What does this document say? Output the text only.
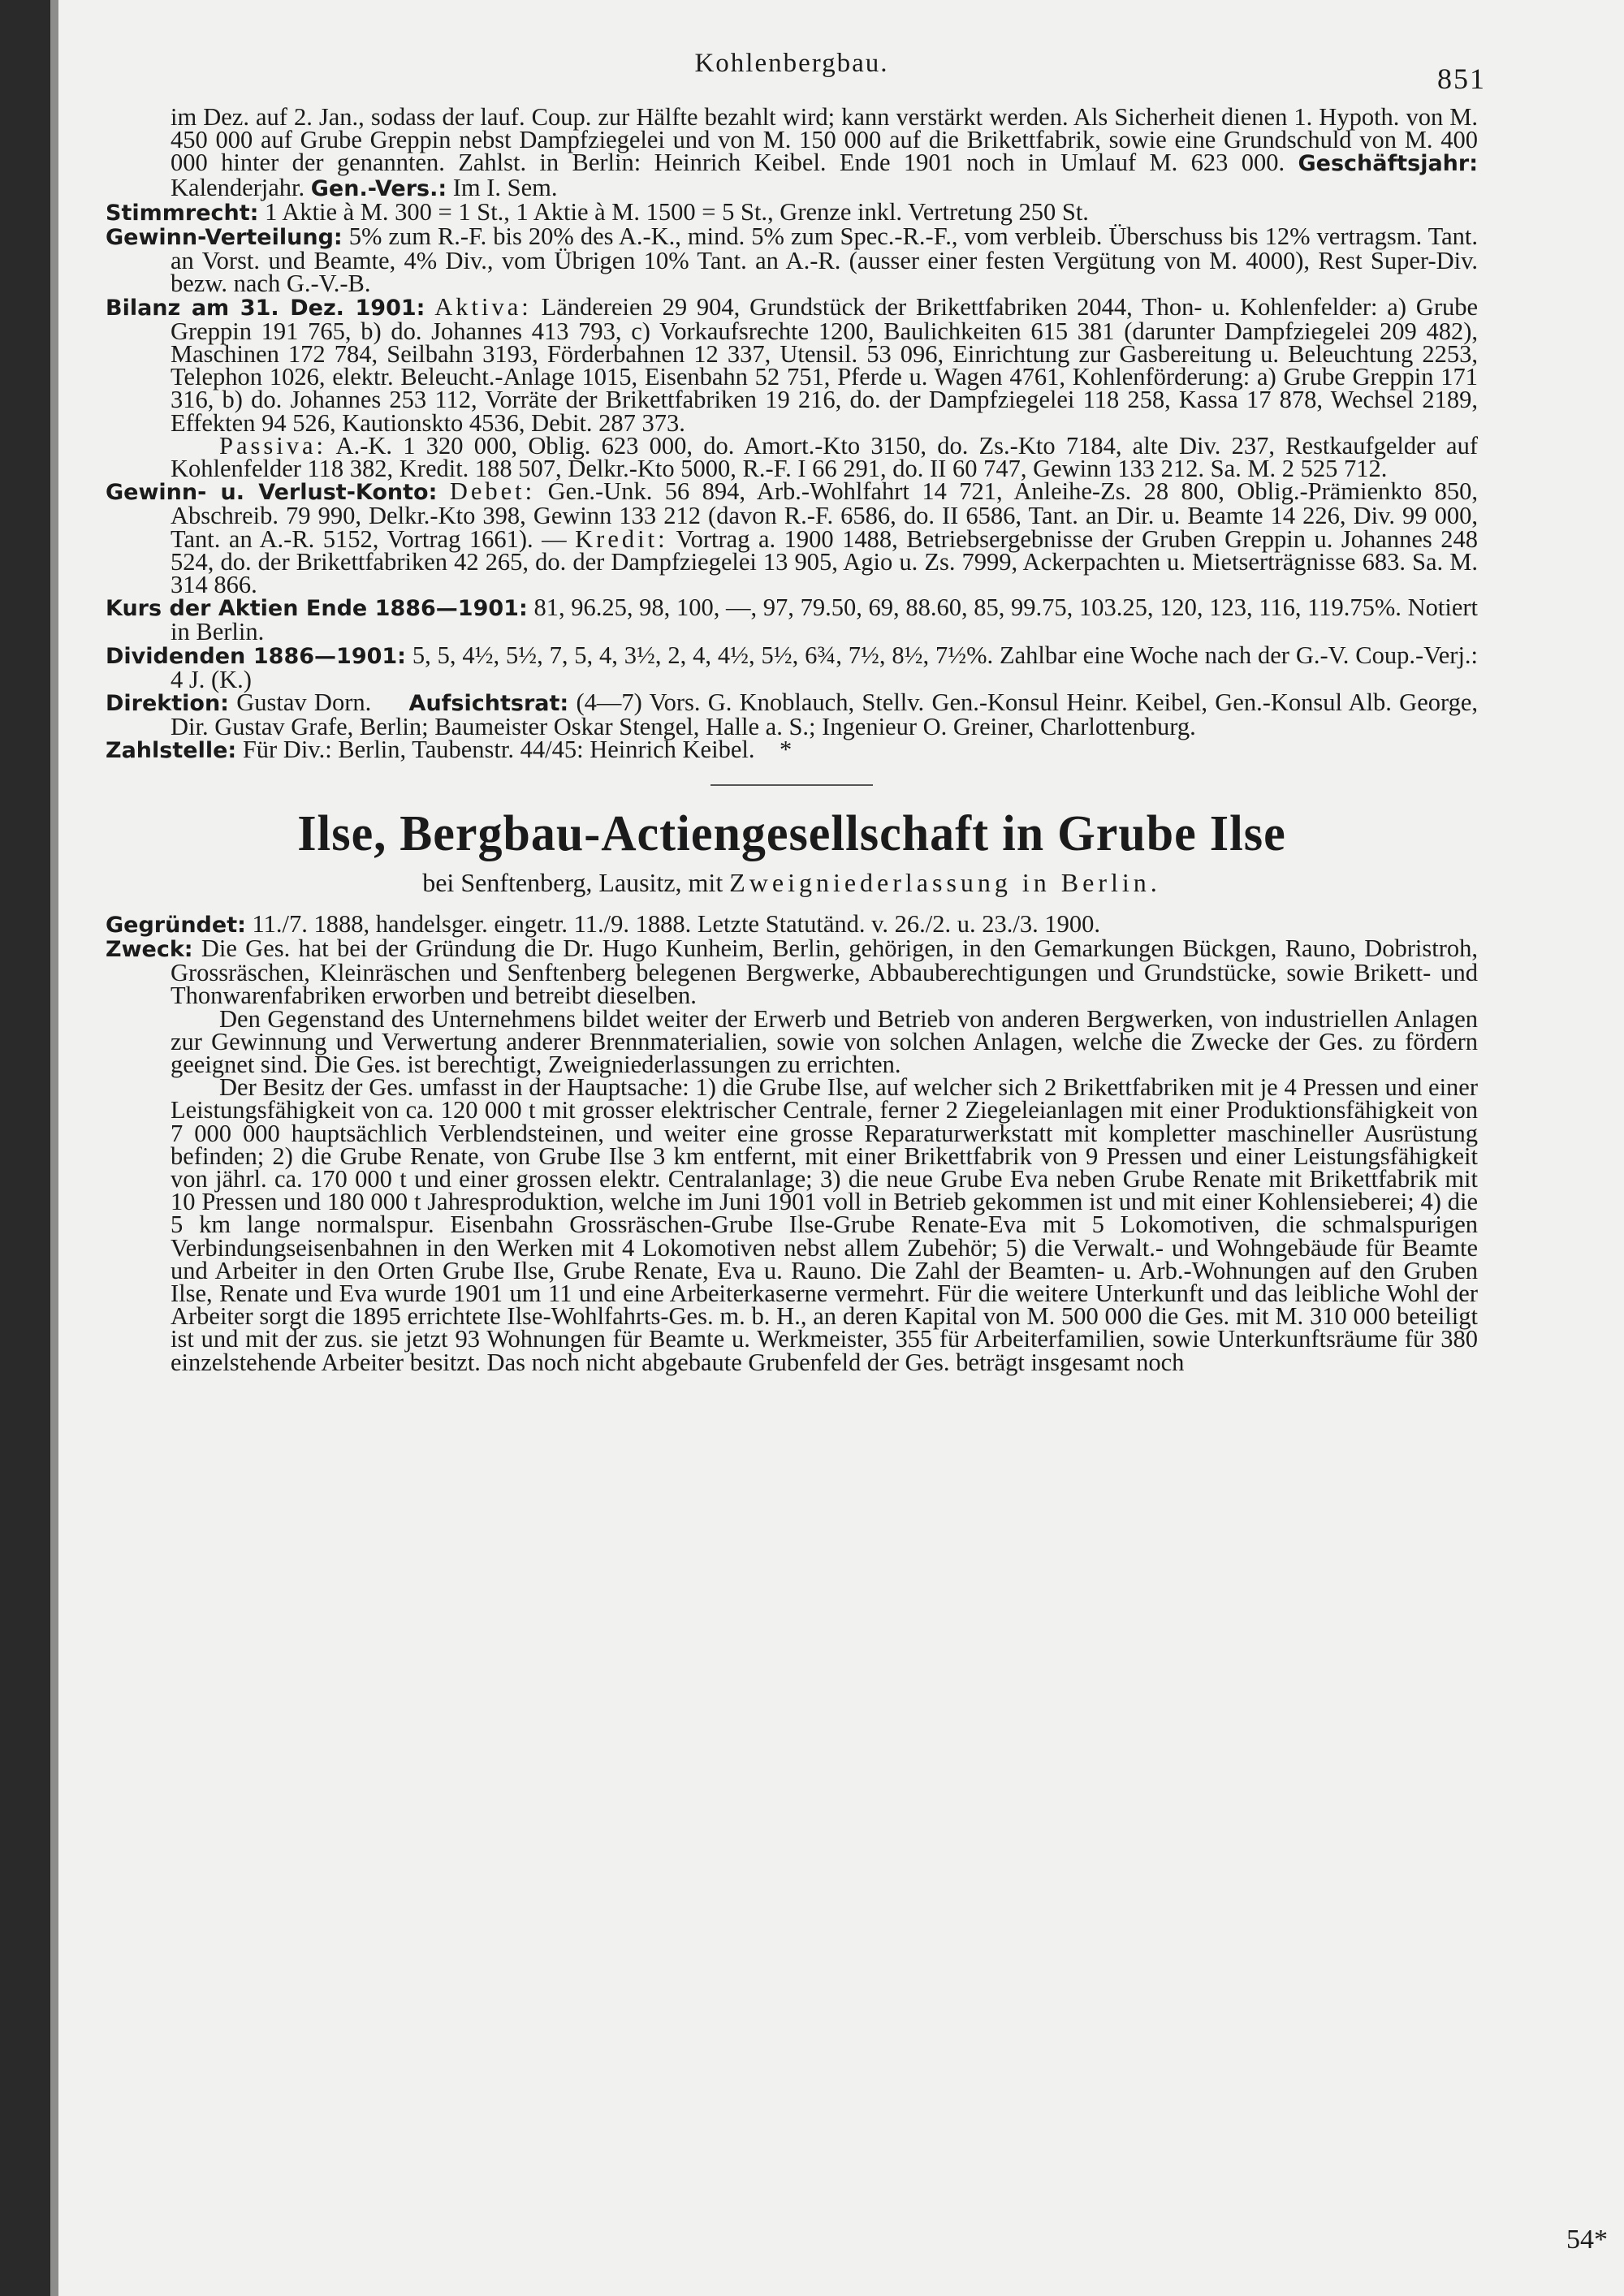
Kohlenbergbau.	851

im Dez. auf 2. Jan., sodass der lauf. Coup. zur Hälfte bezahlt wird; kann verstärkt werden. Als Sicherheit dienen 1. Hypoth. von M. 450 000 auf Grube Greppin nebst Dampfziegelei und von M. 150 000 auf die Brikettfabrik, sowie eine Grundschuld von M. 400 000 hinter der genannten. Zahlst. in Berlin: Heinrich Keibel. Ende 1901 noch in Umlauf M. 623 000. Geschäftsjahr: Kalenderjahr. Gen.-Vers.: Im I. Sem.

Stimmrecht: 1 Aktie à M. 300 = 1 St., 1 Aktie à M. 1500 = 5 St., Grenze inkl. Vertretung 250 St.

Gewinn-Verteilung: 5% zum R.-F. bis 20% des A.-K., mind. 5% zum Spec.-R.-F., vom verbleib. Überschuss bis 12% vertragsm. Tant. an Vorst. und Beamte, 4% Div., vom Übrigen 10% Tant. an A.-R. (ausser einer festen Vergütung von M. 4000), Rest Super-Div. bezw. nach G.-V.-B.

Bilanz am 31. Dez. 1901: Aktiva: Ländereien 29 904, Grundstück der Brikettfabriken 2044, Thon- u. Kohlenfelder: a) Grube Greppin 191 765, b) do. Johannes 413 793, c) Vorkaufsrechte 1200, Baulichkeiten 615 381 (darunter Dampfziegelei 209 482), Maschinen 172 784, Seilbahn 3193, Förderbahnen 12 337, Utensil. 53 096, Einrichtung zur Gasbereitung u. Beleuchtung 2253, Telephon 1026, elektr. Beleucht.-Anlage 1015, Eisenbahn 52 751, Pferde u. Wagen 4761, Kohlenförderung: a) Grube Greppin 171 316, b) do. Johannes 253 112, Vorräte der Brikettfabriken 19 216, do. der Dampfziegelei 118 258, Kassa 17 878, Wechsel 2189, Effekten 94 526, Kautionskto 4536, Debit. 287 373.

Passiva: A.-K. 1 320 000, Oblig. 623 000, do. Amort.-Kto 3150, do. Zs.-Kto 7184, alte Div. 237, Restkaufgelder auf Kohlenfelder 118 382, Kredit. 188 507, Delkr.-Kto 5000, R.-F. I 66 291, do. II 60 747, Gewinn 133 212. Sa. M. 2 525 712.

Gewinn- u. Verlust-Konto: Debet: Gen.-Unk. 56 894, Arb.-Wohlfahrt 14 721, Anleihe-Zs. 28 800, Oblig.-Prämienkto 850, Abschreib. 79 990, Delkr.-Kto 398, Gewinn 133 212 (davon R.-F. 6586, do. II 6586, Tant. an Dir. u. Beamte 14 226, Div. 99 000, Tant. an A.-R. 5152, Vortrag 1661). — Kredit: Vortrag a. 1900 1488, Betriebsergebnisse der Gruben Greppin u. Johannes 248 524, do. der Brikettfabriken 42 265, do. der Dampfziegelei 13 905, Agio u. Zs. 7999, Ackerpachten u. Mietserträgnisse 683. Sa. M. 314 866.

Kurs der Aktien Ende 1886—1901: 81, 96.25, 98, 100, —, 97, 79.50, 69, 88.60, 85, 99.75, 103.25, 120, 123, 116, 119.75%. Notiert in Berlin.

Dividenden 1886—1901: 5, 5, 4½, 5½, 7, 5, 4, 3½, 2, 4, 4½, 5½, 6¾, 7½, 8½, 7½%. Zahlbar eine Woche nach der G.-V. Coup.-Verj.: 4 J. (K.)

Direktion: Gustav Dorn. Aufsichtsrat: (4—7) Vors. G. Knoblauch, Stellv. Gen.-Konsul Heinr. Keibel, Gen.-Konsul Alb. George, Dir. Gustav Grafe, Berlin; Baumeister Oskar Stengel, Halle a. S.; Ingenieur O. Greiner, Charlottenburg.

Zahlstelle: Für Div.: Berlin, Taubenstr. 44/45: Heinrich Keibel. *

Ilse, Bergbau-Actiengesellschaft in Grube Ilse
bei Senftenberg, Lausitz, mit Zweigniederlassung in Berlin.

Gegründet: 11./7. 1888, handelsger. eingetr. 11./9. 1888. Letzte Statutänd. v. 26./2. u. 23./3. 1900.

Zweck: Die Ges. hat bei der Gründung die Dr. Hugo Kunheim, Berlin, gehörigen, in den Gemarkungen Bückgen, Rauno, Dobristroh, Grossräschen, Kleinräschen und Senftenberg belegenen Bergwerke, Abbauberechtigungen und Grundstücke, sowie Brikett- und Thonwarenfabriken erworben und betreibt dieselben.

Den Gegenstand des Unternehmens bildet weiter der Erwerb und Betrieb von anderen Bergwerken, von industriellen Anlagen zur Gewinnung und Verwertung anderer Brennmaterialien, sowie von solchen Anlagen, welche die Zwecke der Ges. zu fördern geeignet sind. Die Ges. ist berechtigt, Zweigniederlassungen zu errichten.

Der Besitz der Ges. umfasst in der Hauptsache: 1) die Grube Ilse, auf welcher sich 2 Brikettfabriken mit je 4 Pressen und einer Leistungsfähigkeit von ca. 120 000 t mit grosser elektrischer Centrale, ferner 2 Ziegeleianlagen mit einer Produktionsfähigkeit von 7 000 000 hauptsächlich Verblendsteinen, und weiter eine grosse Reparaturwerkstatt mit kompletter maschineller Ausrüstung befinden; 2) die Grube Renate, von Grube Ilse 3 km entfernt, mit einer Brikettfabrik von 9 Pressen und einer Leistungsfähigkeit von jährl. ca. 170 000 t und einer grossen elektr. Centralanlage; 3) die neue Grube Eva neben Grube Renate mit Brikettfabrik mit 10 Pressen und 180 000 t Jahresproduktion, welche im Juni 1901 voll in Betrieb gekommen ist und mit einer Kohlensieberei; 4) die 5 km lange normalspur. Eisenbahn Grossräschen-Grube Ilse-Grube Renate-Eva mit 5 Lokomotiven, die schmalspurigen Verbindungseisenbahnen in den Werken mit 4 Lokomotiven nebst allem Zubehör; 5) die Verwalt.- und Wohngebäude für Beamte und Arbeiter in den Orten Grube Ilse, Grube Renate, Eva u. Rauno. Die Zahl der Beamten- u. Arb.-Wohnungen auf den Gruben Ilse, Renate und Eva wurde 1901 um 11 und eine Arbeiterkaserne vermehrt. Für die weitere Unterkunft und das leibliche Wohl der Arbeiter sorgt die 1895 errichtete Ilse-Wohlfahrts-Ges. m. b. H., an deren Kapital von M. 500 000 die Ges. mit M. 310 000 beteiligt ist und mit der zus. sie jetzt 93 Wohnungen für Beamte u. Werkmeister, 355 für Arbeiterfamilien, sowie Unterkunftsräume für 380 einzelstehende Arbeiter besitzt. Das noch nicht abgebaute Grubenfeld der Ges. beträgt insgesamt noch

54*
